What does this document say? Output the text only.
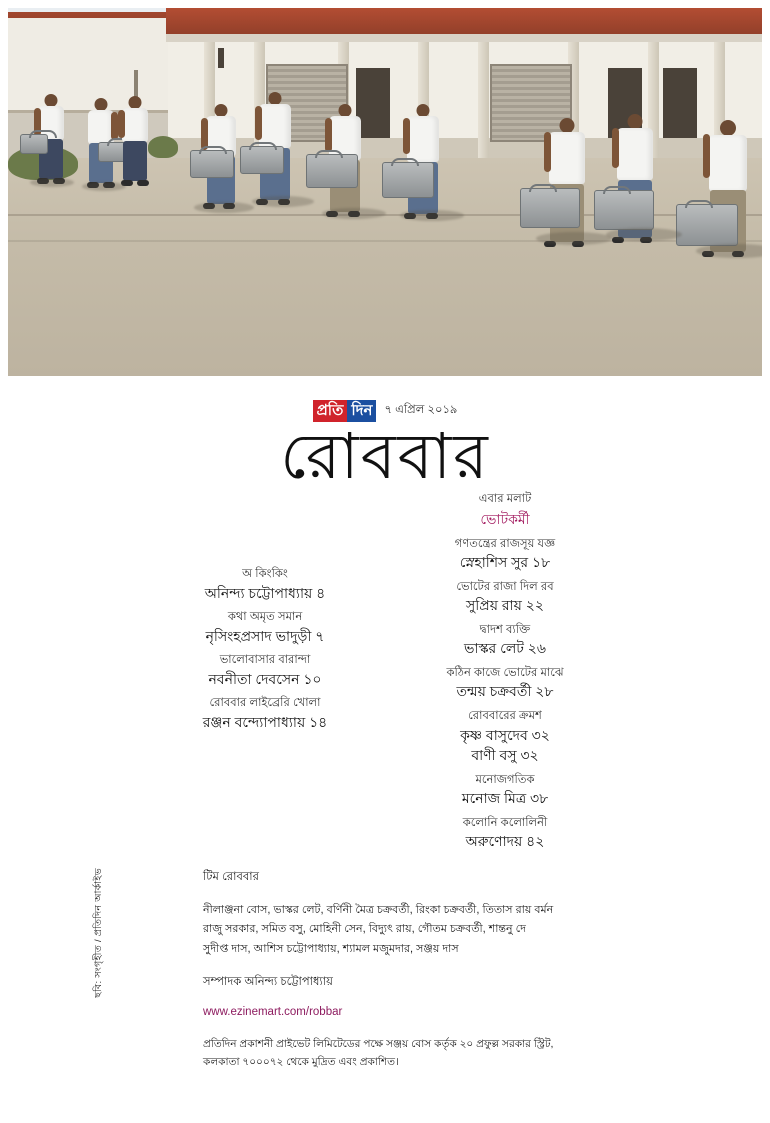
প্রতি দিন	৭ এপ্রিল ২০১৯
রোববার
অ কিংকিং
অনিন্দ্য চট্টোপাধ্যায় ৪
কথা অমৃত সমান
নৃসিংহপ্রসাদ ভাদুড়ী ৭
ভালোবাসার বারান্দা
নবনীতা দেবসেন ১০
রোববার লাইব্রেরি খোলা
রঞ্জন বন্দ্যোপাধ্যায় ১৪
এবার মলাট
ভোটকর্মী
গণতন্ত্রের রাজসূয় যজ্ঞ
স্নেহাশিস সুর ১৮
ভোটের রাজা দিল রব
সুপ্রিয় রায় ২২
দ্বাদশ ব্যক্তি
ভাস্কর লেট ২৬
কঠিন কাজে ভোটের মাঝে
তন্ময় চক্রবর্তী ২৮
রোববারের ক্রমশ
কৃষ্ণ বাসুদেব ৩২
বাণী বসু ৩২
মনোজগতিক
মনোজ মিত্র ৩৮
কলোনি কলোলিনী
অরুণোদয় ৪২
ছবি: সংগৃহীত / প্রতিদিন আর্কাইভ	টিম রোববার
নীলাঞ্জনা বোস, ভাস্কর লেট, বর্ণিনী মৈত্র চক্রবর্তী, রিংকা চক্রবর্তী, তিতাস রায় বর্মন
রাজু সরকার, সমিত বসু, মোহিনী সেন, বিদ্যুৎ রায়, গৌতম চক্রবর্তী, শান্তনু দে
সুদীপ্ত দাস, আশিস চট্টোপাধ্যায়, শ্যামল মজুমদার, সঞ্জয় দাস
সম্পাদক অনিন্দ্য চট্টোপাধ্যায়
www.ezinemart.com/robbar
প্রতিদিন প্রকাশনী প্রাইভেট লিমিটেডের পক্ষে সঞ্জয় বোস কর্তৃক ২০ প্রফুল্ল সরকার স্ট্রিট, কলকাতা ৭০০০৭২ থেকে মুদ্রিত এবং প্রকাশিত।
